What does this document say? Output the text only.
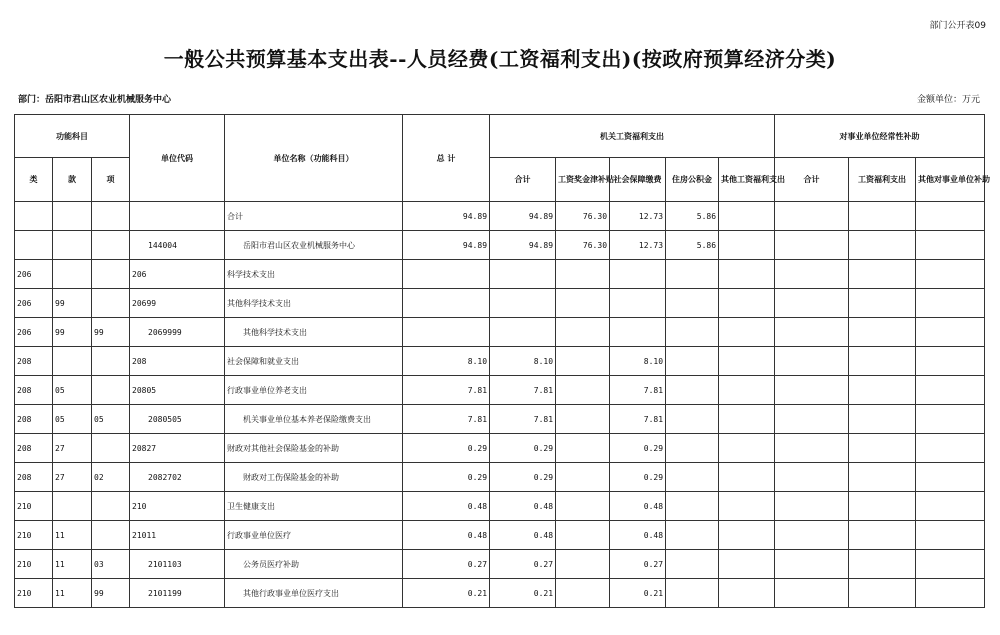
部门公开表09
一般公共预算基本支出表--人员经费(工资福利支出)(按政府预算经济分类)
部门：岳阳市君山区农业机械服务中心	金额单位：万元
功能科目			单位代码	单位名称（功能科目）	总 计	机关工资福利支出					对事业单位经常性补助		
类	款	项				合计	工资奖金津补贴	社会保障缴费	住房公积金	其他工资福利支出	合计	工资福利支出	其他对事业单位补助
				合计	94.89	94.89	76.30	12.73	5.86				
			144004	岳阳市君山区农业机械服务中心	94.89	94.89	76.30	12.73	5.86				
206			206	科学技术支出									
206	99		20699	其他科学技术支出									
206	99	99	2069999	其他科学技术支出									
208			208	社会保障和就业支出	8.10	8.10		8.10					
208	05		20805	行政事业单位养老支出	7.81	7.81		7.81					
208	05	05	2080505	机关事业单位基本养老保险缴费支出	7.81	7.81		7.81					
208	27		20827	财政对其他社会保险基金的补助	0.29	0.29		0.29					
208	27	02	2082702	财政对工伤保险基金的补助	0.29	0.29		0.29					
210			210	卫生健康支出	0.48	0.48		0.48					
210	11		21011	行政事业单位医疗	0.48	0.48		0.48					
210	11	03	2101103	公务员医疗补助	0.27	0.27		0.27					
210	11	99	2101199	其他行政事业单位医疗支出	0.21	0.21		0.21					
